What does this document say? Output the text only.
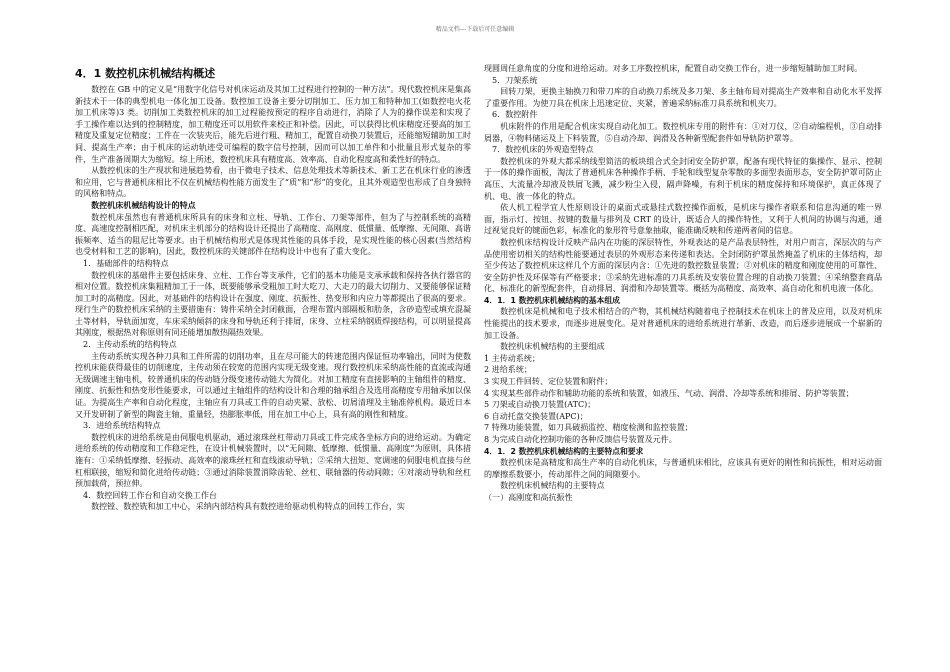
精品文档---下载后可任意编辑

4．1 数控机床机械结构概述

数控在 GB 中的定义是“用数字化信号对机床运动及其加工过程进行控制的一种方法”。现代数控机床是集高新技术于一体的典型机电一体化加工设备。数控加工设备主要分切削加工、压力加工和特种加工(如数控电火花加工机床等)3 类。切削加工类数控机床的加工过程能按预定的程序自动进行，消除了人为的操作误差和实现了手工操作难以达到的控制精度，加工精度还可以用软件来校正和补偿。因此，可以获得比机床精度还要高的加工精度及重复定位精度；工件在一次装夹后，能先后进行粗、精加工，配置自动换刀装置后，还能缩短辅助加工时间、提高生产率；由于机床的运动轨迹受可编程的数字信号控制，因而可以加工单件和小批量且形式复杂的零件，生产准备周期大为缩短。综上所述，数控机床具有精度高、效率高、自动化程度高和柔性好的特点。

从数控机床的生产现状和进展趋势看，由于微电子技术、信息处理技术等新技术、新工艺在机床行业的渗透和应用，它与普通机床相比不仅在机械结构性能方面发生了“质”和“形”的变化，且其外观造型也形成了自身独特的风格和特点。

数控机床机械结构设计的特点

数控机床虽然也有普通机床所具有的床身和立柱、导轨、工作台、刀架等部件，但为了与控制系统的高精度、高速度控制相匹配，对机床主机部分的结构设计还提出了高精度、高刚度、低惯量、低摩擦、无间隙、高谐振频率、适当的阻尼比等要求。由于机械结构形式是体现其性能的具体手段，是实现性能的核心因素(当然结构也受材料和工艺的影响)，因此，数控机床的关键部件在结构设计中也有了重大变化。

1．基础部件的结构特点

数控机床的基础件主要包括床身、立柱、工作台等支承件，它们的基本功能是支承承载和保持各执行器官的相对位置。数控机床集粗精加工于一体，既要能够承受粗加工时大吃刀、大走刀的最大切削力、又要能够保证精加工时的高精度。因此，对基础件的结构设计在强度、刚度、抗振性、热变形和内应力等都提出了很高的要求。现行生产的数控机床采纳的主要措施有：铸件采纳全封闭截面，合理布置内部隔板和肋条，含砂造型或填充混凝土等材料，导轨面加宽，车床采纳倾斜的床身和导轨还利于排屑，床身、立柱采纳钢质焊接结构，可以明显提高其刚度，根据热对称原则有同还能增加散热隔热效果。

2．主传动系统的结构特点

主传动系统实现各种刀具和工件所需的切削功率，且在尽可能大的转速范围内保证恒功率输出，同时为使数控机床能获得最佳的切削速度，主传动须在较宽的范围内实现无级变速。现行数控机床采纳高性能的直流或沟通无级调速主轴电机，较普通机床的传动链分级变速传动链大为简化。对加工精度有直接影响的主轴组件的精度、刚度、抗振性和热变形性能要求，可以通过主轴组件的结构设计和合理的轴承组合及选用高精度专用轴承加以保证。为提高生产率和自动化程度，主轴应有刀具或工件的自动夹紧、放松、切屑清理及主轴准停机构。最近日本又开发研制了新型的陶瓷主轴，重量轻，热膨胀率低，用在加工中心上，具有高的刚性和精度。

3．进给系统结构特点

数控机床的进给系统是由伺服电机驱动，通过滚珠丝杠带动刀具或工件完成各坐标方向的进给运动。为确定进给系统的传动精度和工作稳定性，在设计机械装置时，以“无间隙、低摩擦、低惯量、高刚度”为原则，具体措施有：①采纳低摩擦、轻振动、高效率的滚珠丝杠和直线滚动导轨；②采纳大扭矩、宽调速的伺服电机直接与丝杠相联接，缩短和简化进给传动链；③通过消除装置消除齿轮、丝杠、联轴器的传动间隙；④对滚动导轨和丝杠预加载荷，预拉伸。

4．数控回转工作台和自动交换工作台

数控镗、数控铣和加工中心，采纳内部结构具有数控进给驱动机构特点的回转工作台，实

现圆周任意角度的分度和进给运动。对多工序数控机床，配置自动交换工作台，进一步缩短辅助加工时间。

5．刀架系统

回转刀架，更换主轴换刀和带刀库的自动换刀系统及多刀架、多主轴布局对提高生产效率和自动化水平发挥了重要作用。为使刀具在机床上迅速定位、夹紧，普遍采纳标准刀具系统和机夹刀。

6．数控附件

机床附件的作用是配合机床实现自动化加工。数控机床专用的附件有：①对刀仪，②自动编程机，③自动排屑器，④物料储运及上下料装置，⑤自动冷却、润滑及各种新型配套件如导轨防护罩等。

7．数控机床的外观造型特点

数控机床的外观大都采纳线型简洁的板块组合式全封闭安全防护罩，配备有现代特征的集操作、显示、控制于一体的操作面板，淘汰了普通机床各种操作手柄、手轮和线型复杂零散的多面型表面形态，安全防护罩可防止高压、大流量冷却液及铁屑飞溅，减少粉尘入侵，隔声降噪，有利于机床的精度保持和环境保护，真正体现了机、电、液一体化的特点。

依人机工程学宜人性原则设计的桌面式或悬挂式数控操作面板，是机床与操作者联系和信息沟通的唯一界面，指示灯、按钮、按键的数量与排列及 CRT 的设计，既适合人的操作特性，又利于人机间的协调与沟通，通过视觉良好的键面色彩，标准化的象形符号意象抽取，能准确反映和传递两者间的信息。

数控机床结构设计反映产品内在功能的深层特性，外观表达的是产品表层特性，对用户而言，深层次的与产品使用密切相关的结构性能要通过表层的外观形态来传递和表达。全封闭防护罩虽然掩盖了机床的主体结构，却至少传达了数控机床这样几个方面的深层内含：①先进的数控数显装置；②对机床的精度和刚度使用的可靠性、安全防护性及环保等有严格要求；③采纳先进标准的刀具系统及安装位置合理的自动换刀装置；④采纳整套商品化、标准化的新型配套件，自动排屑、润滑和冷却装置等。概括为高精度、高效率、高自动化和机电液一体化。

4．1．1 数控机床机械结构的基本组成

数控机床是机械和电子技术相结合的产物，其机械结构随着电子控制技术在机床上的普及应用，以及对机床性能提出的技术要求，而逐步进展变化。是对普通机床的进给系统进行革新、改造，而后逐步进展成一个崭新的加工设备。

数控机床机械结构的主要组成

1 主传动系统；

2 进给系统；

3 实现工件回转、定位装置和附件；

4 实现某些部件动作和辅助功能的系统和装置，如液压、气动、润滑、冷却等系统和排屑、防护等装置；

5 刀架或自动换刀装置(ATC)；

6 自动托盘交换装置(APC)；

7 特殊功能装置，如刀具破损监控、精度检测和监控装置；

8 为完成自动化控制功能的各种反馈信号装置及元件。

4．1．2 数控机床机械结构的主要特点和要求

数控机床是高精度和高生产率的自动化机床，与普通机床相比，应该具有更好的刚性和抗振性，相对运动面的摩擦系数要小，传动部件之间的间隙要小。

数控机床机械结构的主要特点

（一）高刚度和高抗振性
